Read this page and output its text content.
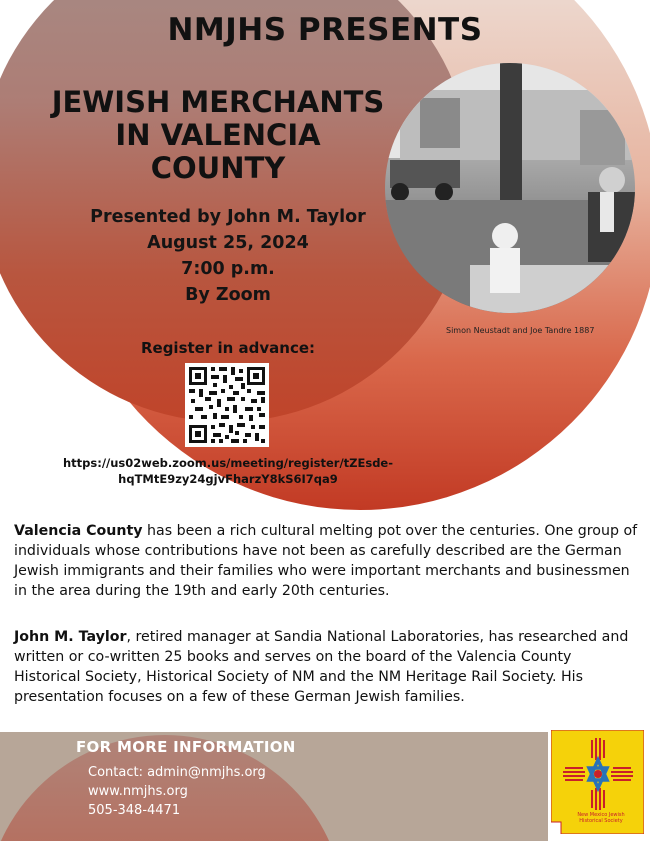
NMJHS PRESENTS
JEWISH MERCHANTS
IN VALENCIA
COUNTY
Presented by John M. Taylor
August 25, 2024
7:00 p.m.
By Zoom
Simon Neustadt and Joe Tandre 1887
Register in advance:
https://us02web.zoom.us/meeting/register/tZEsde-
hqTMtE9zy24gjvFharzY8kS6I7qa9
Valencia County has been a rich cultural melting pot over the centuries. One group of individuals whose contributions have not been as carefully described are the German Jewish immigrants and their families who were important merchants and businessmen in the area during the 19th and early 20th centuries.
John M. Taylor, retired manager at Sandia National Laboratories, has researched and written or co-written 25 books and serves on the board of the Valencia County Historical Society, Historical Society of NM and the NM Heritage Rail Society. His presentation focuses on a few of these German Jewish families.
FOR MORE INFORMATION
Contact: admin@nmjhs.org
www.nmjhs.org
505-348-4471	New Mexico Jewish
Historical Society
